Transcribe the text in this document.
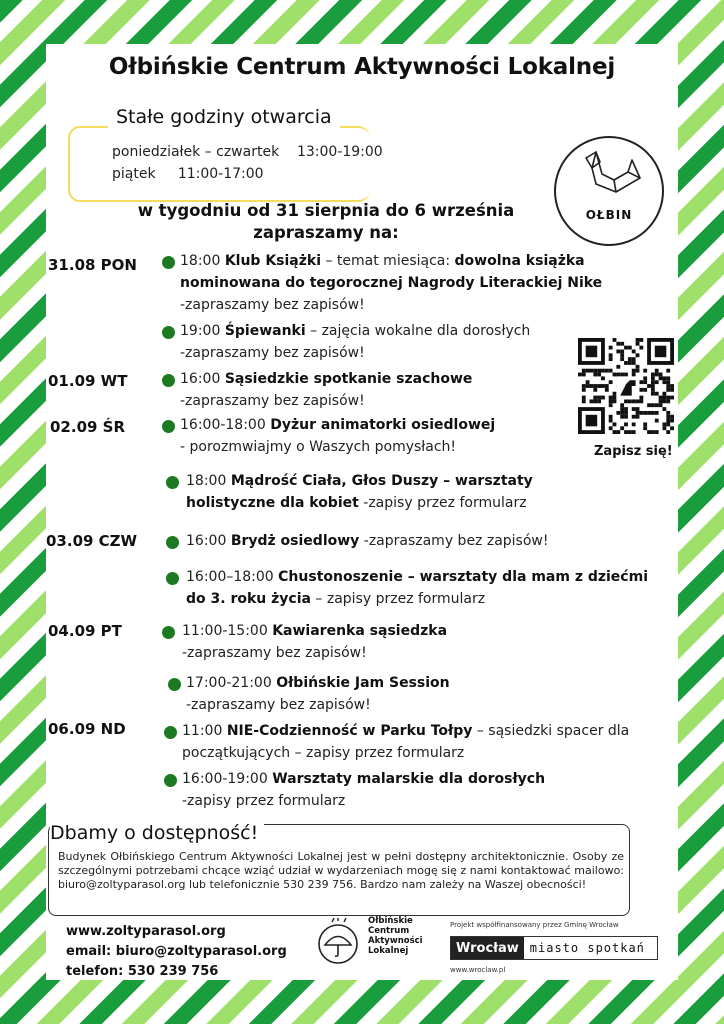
Ołbińskie Centrum Aktywności Lokalnej
Stałe godziny otwarcia
poniedziałek – czwartek    13:00-19:00
piątek     11:00-17:00
OŁBIN
w tygodniu od 31 sierpnia do 6 września
zapraszamy na:
31.08 PON
01.09 WT
02.09 ŚR
03.09 CZW
04.09 PT
06.09 ND
18:00 Klub Książki – temat miesiąca: dowolna książka nominowana do tegorocznej Nagrody Literackiej Nike
-zapraszamy bez zapisów!
19:00 Śpiewanki – zajęcia wokalne dla dorosłych
-zapraszamy bez zapisów!
16:00 Sąsiedzkie spotkanie szachowe
-zapraszamy bez zapisów!
16:00-18:00 Dyżur animatorki osiedlowej
- porozmwiajmy o Waszych pomysłach!
18:00 Mądrość Ciała, Głos Duszy – warsztaty holistyczne dla kobiet -zapisy przez formularz
16:00 Brydż osiedlowy -zapraszamy bez zapisów!
16:00–18:00 Chustonoszenie – warsztaty dla mam z dziećmi do 3. roku życia – zapisy przez formularz
11:00-15:00 Kawiarenka sąsiedzka
-zapraszamy bez zapisów!
17:00-21:00 Ołbińskie Jam Session
-zapraszamy bez zapisów!
11:00 NIE-Codzienność w Parku Tołpy – sąsiedzki spacer dla początkujących – zapisy przez formularz
16:00-19:00 Warsztaty malarskie dla dorosłych
-zapisy przez formularz
Zapisz się!
Dbamy o dostępność!
Budynek Ołbińskiego Centrum Aktywności Lokalnej jest w pełni dostępny architektonicznie. Osoby ze szczególnymi potrzebami chcące wziąć udział w wydarzeniach mogę się z nami kontaktować mailowo: biuro@zoltyparasol.org lub telefonicznie 530 239 756. Bardzo nam zależy na Waszej obecności!
www.zoltyparasol.org
email: biuro@zoltyparasol.org
telefon: 530 239 756
Ołbińskie
Centrum
Aktywności
Lokalnej
Projekt współfinansowany przez Gminę Wrocław
Wrocław miasto spotkań
www.wroclaw.pl
